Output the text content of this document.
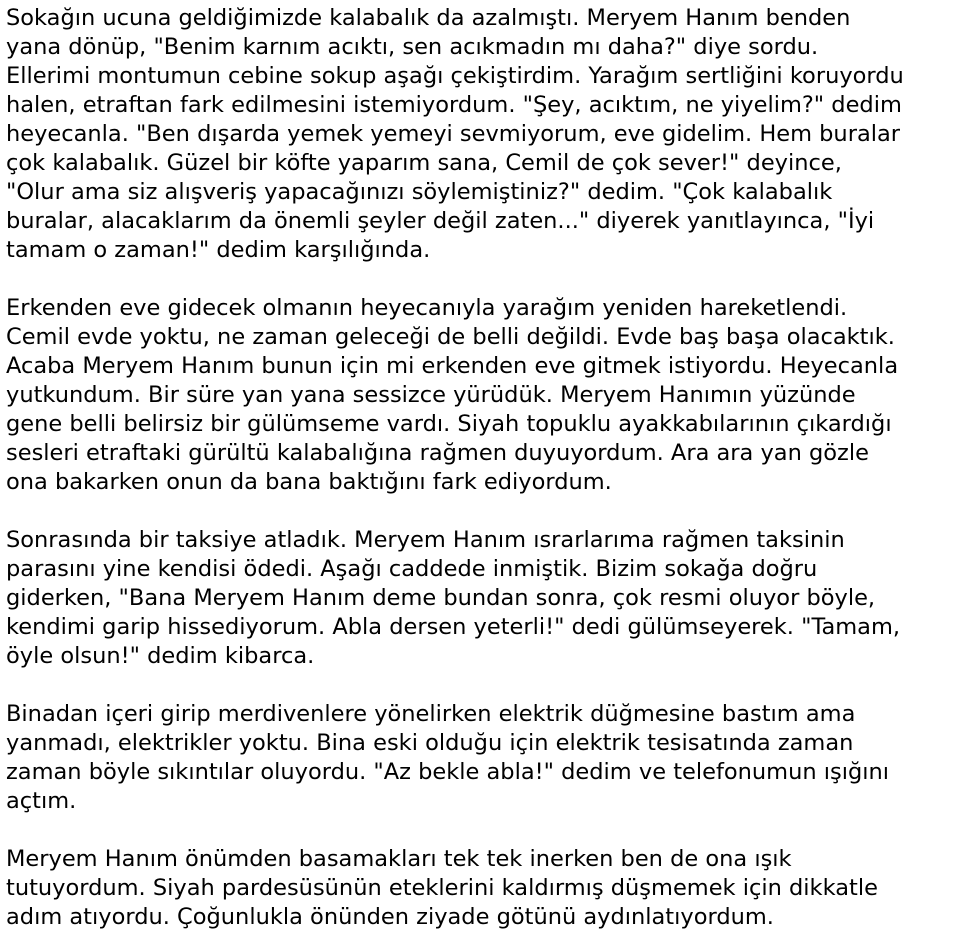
Sokağın ucuna geldiğimizde kalabalık da azalmıştı. Meryem Hanım benden
yana dönüp, "Benim karnım acıktı, sen acıkmadın mı daha?" diye sordu.
Ellerimi montumun cebine sokup aşağı çekiştirdim. Yarağım sertliğini koruyordu
halen, etraftan fark edilmesini istemiyordum. "Şey, acıktım, ne yiyelim?" dedim
heyecanla. "Ben dışarda yemek yemeyi sevmiyorum, eve gidelim. Hem buralar
çok kalabalık. Güzel bir köfte yaparım sana, Cemil de çok sever!" deyince,
"Olur ama siz alışveriş yapacağınızı söylemiştiniz?" dedim. "Çok kalabalık
buralar, alacaklarım da önemli şeyler değil zaten..." diyerek yanıtlayınca, "İyi
tamam o zaman!" dedim karşılığında.

Erkenden eve gidecek olmanın heyecanıyla yarağım yeniden hareketlendi.
Cemil evde yoktu, ne zaman geleceği de belli değildi. Evde baş başa olacaktık.
Acaba Meryem Hanım bunun için mi erkenden eve gitmek istiyordu. Heyecanla
yutkundum. Bir süre yan yana sessizce yürüdük. Meryem Hanımın yüzünde
gene belli belirsiz bir gülümseme vardı. Siyah topuklu ayakkabılarının çıkardığı
sesleri etraftaki gürültü kalabalığına rağmen duyuyordum. Ara ara yan gözle
ona bakarken onun da bana baktığını fark ediyordum.

Sonrasında bir taksiye atladık. Meryem Hanım ısrarlarıma rağmen taksinin
parasını yine kendisi ödedi. Aşağı caddede inmiştik. Bizim sokağa doğru
giderken, "Bana Meryem Hanım deme bundan sonra, çok resmi oluyor böyle,
kendimi garip hissediyorum. Abla dersen yeterli!" dedi gülümseyerek. "Tamam,
öyle olsun!" dedim kibarca.

Binadan içeri girip merdivenlere yönelirken elektrik düğmesine bastım ama
yanmadı, elektrikler yoktu. Bina eski olduğu için elektrik tesisatında zaman
zaman böyle sıkıntılar oluyordu. "Az bekle abla!" dedim ve telefonumun ışığını
açtım.

Meryem Hanım önümden basamakları tek tek inerken ben de ona ışık
tutuyordum. Siyah pardesüsünün eteklerini kaldırmış düşmemek için dikkatle
adım atıyordu. Çoğunlukla önünden ziyade götünü aydınlatıyordum.
